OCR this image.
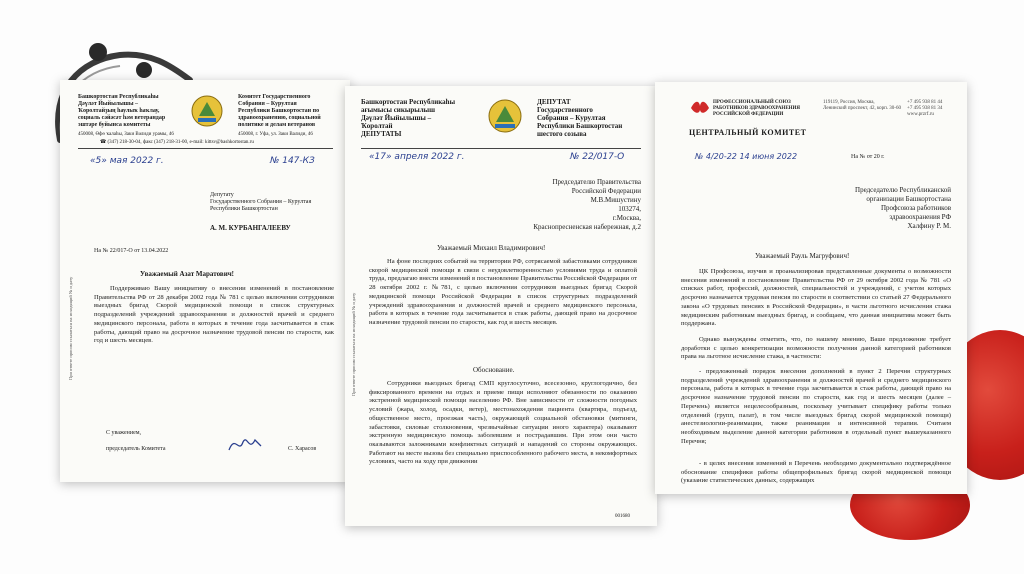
Башкортостан Республикаһы
Дәүләт Йыйылышы –
Ҡоролтайҙың һаулыҡ һаҡлау,
социаль сәйәсәт һәм ветерандар
эштәре буйынса комитеты
Комитет Государственного
Собрания – Курултая
Республики Башкортостан по
здравоохранению, социальной
политике и делам ветеранов
450008, Өфө ҡалаһы, Заки Вәлиди урамы, 46	450008, г. Уфа, ул. Заки Валиди, 46
☎ (347) 218-30-04, факс (347) 218-31-00, e-mail: kittsv@bashkortostan.ru
«5» мая 2022 г.	№ 147-КЗ
Депутату
Государственного Собрания – Курултая
Республики Башкортостан
А. М. КУРБАНГАЛЕЕВУ
На № 22/017-О от 13.04.2022
Уважаемый Азат Маратович!
Поддерживаю Вашу инициативу о внесении изменений в постановление Правительства РФ от 28 декабря 2002 года № 781 с целью включения сотрудников выездных бригад Скорой медицинской помощи в список структурных подразделений учреждений здравоохранения и должностей врачей и среднего медицинского персонала, работа в которых в течение года засчитывается в стаж работы, дающий право на досрочное назначение трудовой пенсии по старости, как год и шесть месяцев.
С уважением,
председатель Комитета	С. Харасов
При ответе просим ссылаться на исходящий № и дату
Башкортостан Республикаһы
ағымысы сикырылыш
Дәүләт Йыйылышы –
Ҡоролтай
ДЕПУТАТЫ
ДЕПУТАТ
Государственного
Собрания – Курултая
Республики Башкортостан
шестого созыва
«17» апреля 2022 г.	№ 22/017-О
Председателю Правительства
Российской Федерации
М.В.Мишустину
103274,
г.Москва,
Краснопресненская набережная, д.2
Уважаемый Михаил Владимирович!
На фоне последних событий на территории РФ, сотрясаемой забастовками сотрудников скорой медицинской помощи в связи с неудовлетворенностью условиями труда и оплатой труда, предлагаю внести изменений в постановление Правительства Российской Федерации от 28 октября 2002 г. №781, с целью включения сотрудников выездных бригад Скорой медицинской помощи Российской Федерации в список структурных подразделений учреждений здравоохранения и должностей врачей и среднего медицинского персонала, работа в которых в течение года засчитывается в стаж работы, дающей право на досрочное назначение трудовой пенсии по старости, как год и шесть месяцев.
Обоснование.
Сотрудники выездных бригад СМП круглосуточно, всесезонно, круглогодично, без фиксированного времени на отдых и приеме пищи исполняют обязанности по оказанию экстренной медицинской помощи населению РФ. Вне зависимости от сложности погодных условий (жара, холод, осадки, ветер), местонахождения пациента (квартира, подъезд, общественное место, проезжая часть), окружающей социальной обстановки (митинги, забастовки, силовые столкновения, чрезвычайные ситуации иного характера) оказывают экстренную медицинскую помощь заболевшим и пострадавшим. При этом они часто оказываются заложниками конфликтных ситуаций и нападений со стороны окружающих. Работают на месте вызова без специально приспособленного рабочего места, в некомфортных условиях, часто на ходу при движении
001680
При ответе просим ссылаться на исходящий № и дату
ПРОФЕССИОНАЛЬНЫЙ СОЮЗ
РАБОТНИКОВ ЗДРАВООХРАНЕНИЯ
РОССИЙСКОЙ ФЕДЕРАЦИИ
119119, Россия, Москва,
Ленинский проспект, 42, корп. 30-60
+7 495 938 81 44
+7 495 938 81 34
www.przrf.ru
ЦЕНТРАЛЬНЫЙ КОМИТЕТ
№ 4/20-22 14 июня 2022	На № от 20 г.
Председателю Республиканской
организации Башкортостана
Профсоюза работников
здравоохранения РФ
Халфину Р. М.
Уважаемый Рауль Магруфович!
ЦК Профсоюза, изучив и проанализировав представленные документы о возможности внесения изменений в постановление Правительства РФ от 29 октября 2002 года № 781 «О списках работ, профессий, должностей, специальностей и учреждений, с учетом которых досрочно назначается трудовая пенсия по старости в соответствии со статьей 27 Федерального закона «О трудовых пенсиях в Российской Федерации», в части льготного исчисления стажа медицинским работникам выездных бригад, и сообщаем, что данная инициатива может быть поддержана.
Однако вынуждены отметить, что, по нашему мнению, Ваше предложение требует доработки с целью конкретизации возможности получения данной категорией работников права на льготное исчисление стажа, в частности:
- предложенный порядок внесения дополнений в пункт 2 Перечня структурных подразделений учреждений здравоохранения и должностей врачей и среднего медицинского персонала, работа в которых в течение года засчитывается в стаж работы, дающей право на досрочное назначение трудовой пенсии по старости, как год и шесть месяцев (далее – Перечень) является нецелесообразным, поскольку учитывает специфику работы только отделений (групп, палат), в том числе выездных бригад скорой медицинской помощи) анестезиологии-реанимации, также реанимации и интенсивной терапии. Считаем необходимым выделение данной категории работников в отдельный пункт вышеуказанного Перечня;
- в целях внесения изменений в Перечень необходимо документально подтверждённое обоснование специфики работы общепрофильных бригад скорой медицинской помощи (указание статистических данных, содержащих
